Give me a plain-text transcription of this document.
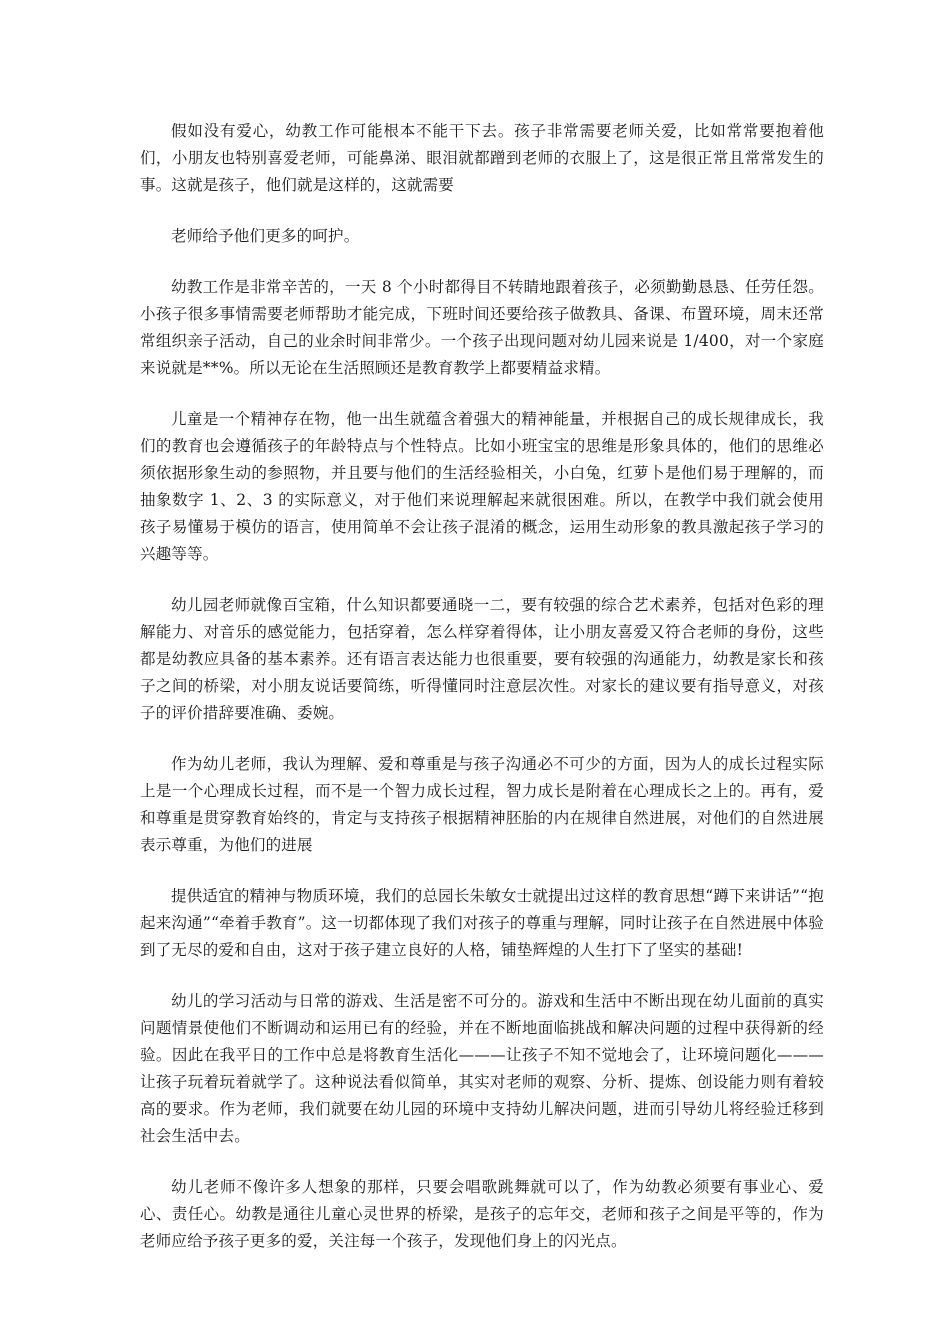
假如没有爱心，幼教工作可能根本不能干下去。孩子非常需要老师关爱，比如常常要抱着他们，小朋友也特别喜爱老师，可能鼻涕、眼泪就都蹭到老师的衣服上了，这是很正常且常常发生的事。这就是孩子，他们就是这样的，这就需要

老师给予他们更多的呵护。

幼教工作是非常辛苦的，一天 8 个小时都得目不转睛地跟着孩子，必须勤勤恳恳、任劳任怨。小孩子很多事情需要老师帮助才能完成，下班时间还要给孩子做教具、备课、布置环境，周末还常常组织亲子活动，自己的业余时间非常少。一个孩子出现问题对幼儿园来说是 1/400，对一个家庭来说就是**%。所以无论在生活照顾还是教育教学上都要精益求精。

儿童是一个精神存在物，他一出生就蕴含着强大的精神能量，并根据自己的成长规律成长，我们的教育也会遵循孩子的年龄特点与个性特点。比如小班宝宝的思维是形象具体的，他们的思维必须依据形象生动的参照物，并且要与他们的生活经验相关，小白兔，红萝卜是他们易于理解的，而抽象数字 1、2、3 的实际意义，对于他们来说理解起来就很困难。所以，在教学中我们就会使用孩子易懂易于模仿的语言，使用简单不会让孩子混淆的概念，运用生动形象的教具激起孩子学习的兴趣等等。

幼儿园老师就像百宝箱，什么知识都要通晓一二，要有较强的综合艺术素养，包括对色彩的理解能力、对音乐的感觉能力，包括穿着，怎么样穿着得体，让小朋友喜爱又符合老师的身份，这些都是幼教应具备的基本素养。还有语言表达能力也很重要，要有较强的沟通能力，幼教是家长和孩子之间的桥梁，对小朋友说话要简练，听得懂同时注意层次性。对家长的建议要有指导意义，对孩子的评价措辞要准确、委婉。

作为幼儿老师，我认为理解、爱和尊重是与孩子沟通必不可少的方面，因为人的成长过程实际上是一个心理成长过程，而不是一个智力成长过程，智力成长是附着在心理成长之上的。再有，爱和尊重是贯穿教育始终的，肯定与支持孩子根据精神胚胎的内在规律自然进展，对他们的自然进展表示尊重，为他们的进展

提供适宜的精神与物质环境，我们的总园长朱敏女士就提出过这样的教育思想“蹲下来讲话”“抱起来沟通”“牵着手教育”。这一切都体现了我们对孩子的尊重与理解，同时让孩子在自然进展中体验到了无尽的爱和自由，这对于孩子建立良好的人格，铺垫辉煌的人生打下了坚实的基础!

幼儿的学习活动与日常的游戏、生活是密不可分的。游戏和生活中不断出现在幼儿面前的真实问题情景使他们不断调动和运用已有的经验，并在不断地面临挑战和解决问题的过程中获得新的经验。因此在我平日的工作中总是将教育生活化———让孩子不知不觉地会了，让环境问题化———让孩子玩着玩着就学了。这种说法看似简单，其实对老师的观察、分析、提炼、创设能力则有着较高的要求。作为老师，我们就要在幼儿园的环境中支持幼儿解决问题，进而引导幼儿将经验迁移到社会生活中去。

幼儿老师不像许多人想象的那样，只要会唱歌跳舞就可以了，作为幼教必须要有事业心、爱心、责任心。幼教是通往儿童心灵世界的桥梁，是孩子的忘年交，老师和孩子之间是平等的，作为老师应给予孩子更多的爱，关注每一个孩子，发现他们身上的闪光点。
